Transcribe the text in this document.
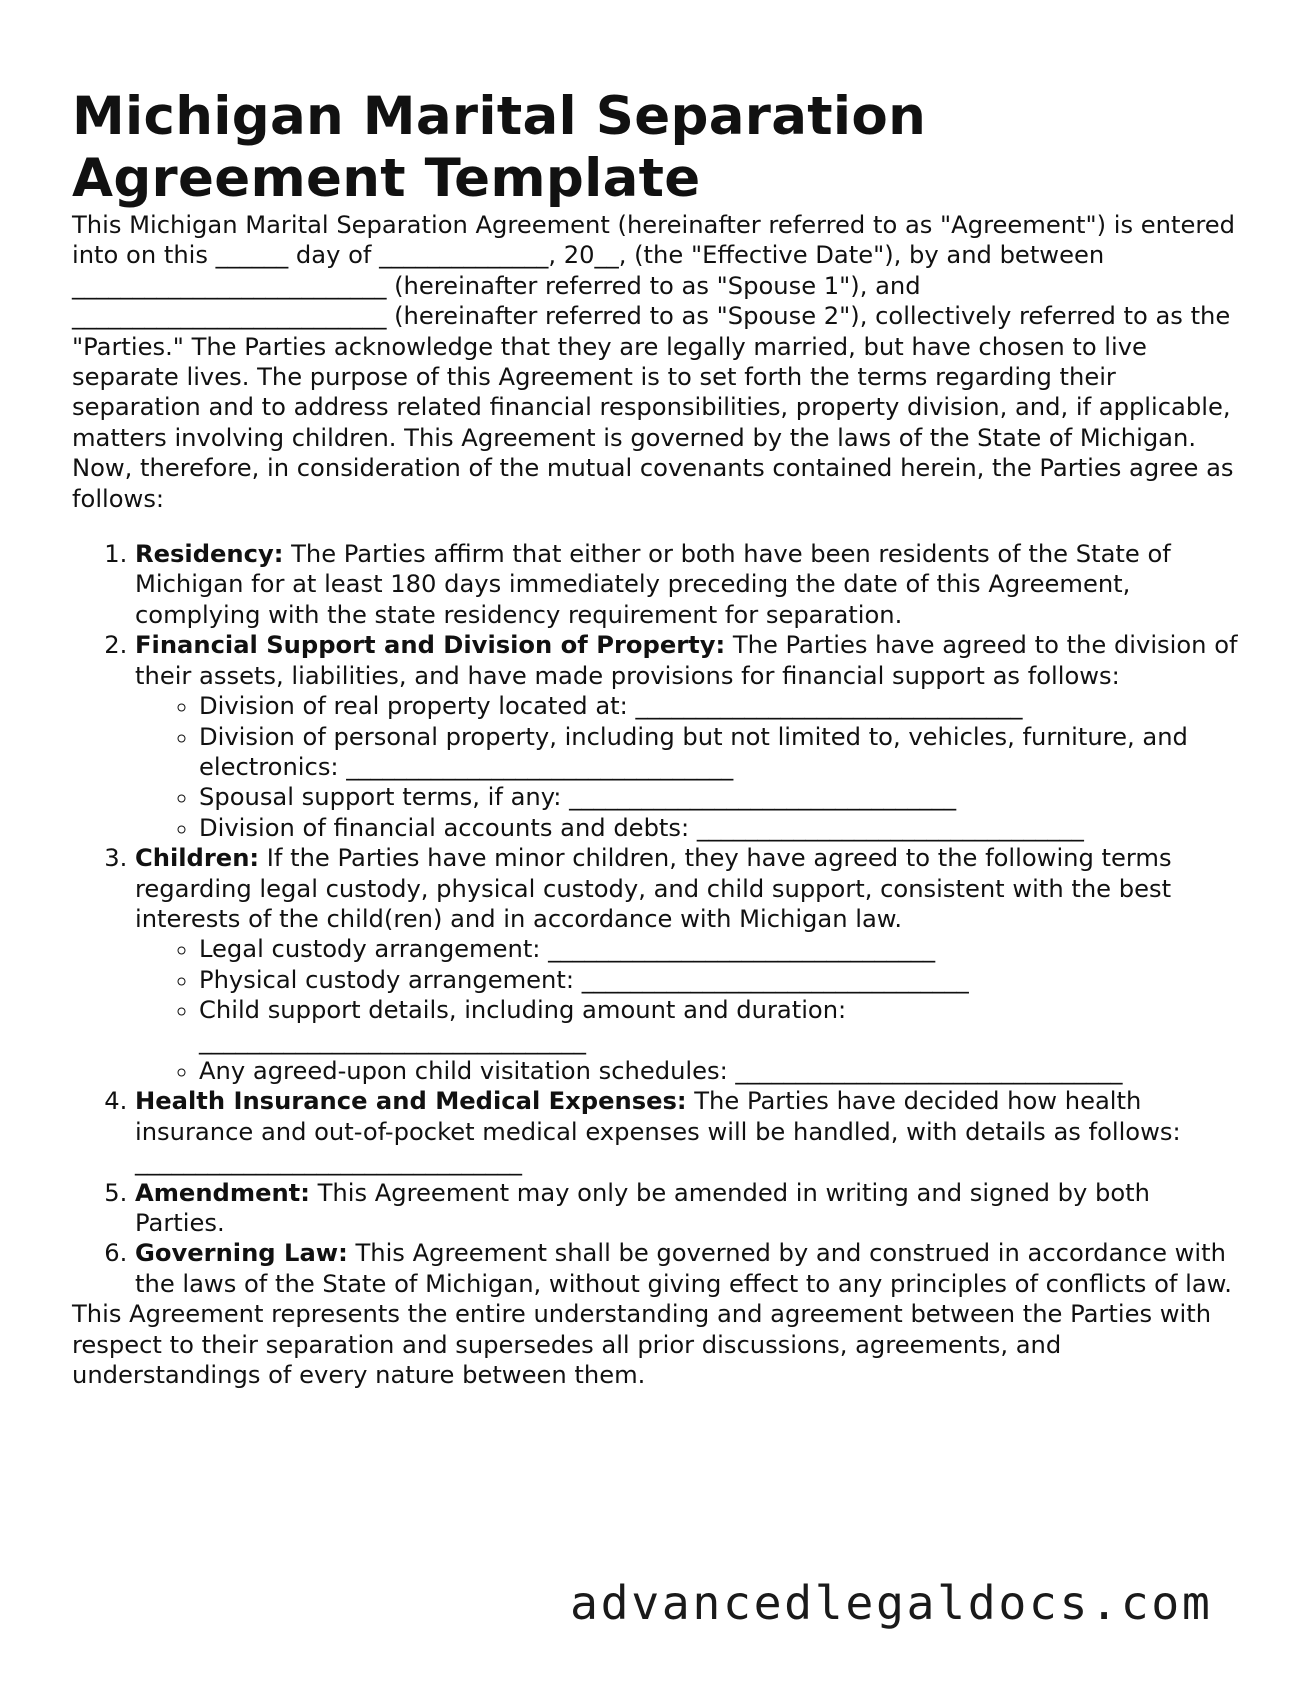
Michigan Marital Separation Agreement Template

This Michigan Marital Separation Agreement (hereinafter referred to as "Agreement") is entered into on this ______ day of ______________, 20__, (the "Effective Date"), by and between __________________________ (hereinafter referred to as "Spouse 1"), and __________________________ (hereinafter referred to as "Spouse 2"), collectively referred to as the "Parties." The Parties acknowledge that they are legally married, but have chosen to live separate lives. The purpose of this Agreement is to set forth the terms regarding their separation and to address related financial responsibilities, property division, and, if applicable, matters involving children. This Agreement is governed by the laws of the State of Michigan.

Now, therefore, in consideration of the mutual covenants contained herein, the Parties agree as follows:

1. Residency: The Parties affirm that either or both have been residents of the State of Michigan for at least 180 days immediately preceding the date of this Agreement, complying with the state residency requirement for separation.
2. Financial Support and Division of Property: The Parties have agreed to the division of their assets, liabilities, and have made provisions for financial support as follows:
◦ Division of real property located at: ________________________________
◦ Division of personal property, including but not limited to, vehicles, furniture, and electronics: ________________________________
◦ Spousal support terms, if any: ________________________________
◦ Division of financial accounts and debts: ________________________________
3. Children: If the Parties have minor children, they have agreed to the following terms regarding legal custody, physical custody, and child support, consistent with the best interests of the child(ren) and in accordance with Michigan law.
◦ Legal custody arrangement: ________________________________
◦ Physical custody arrangement: ________________________________
◦ Child support details, including amount and duration:
________________________________
◦ Any agreed-upon child visitation schedules: ________________________________
4. Health Insurance and Medical Expenses: The Parties have decided how health insurance and out-of-pocket medical expenses will be handled, with details as follows:
________________________________
5. Amendment: This Agreement may only be amended in writing and signed by both Parties.
6. Governing Law: This Agreement shall be governed by and construed in accordance with the laws of the State of Michigan, without giving effect to any principles of conflicts of law.

This Agreement represents the entire understanding and agreement between the Parties with respect to their separation and supersedes all prior discussions, agreements, and understandings of every nature between them.

advancedlegaldocs.com
